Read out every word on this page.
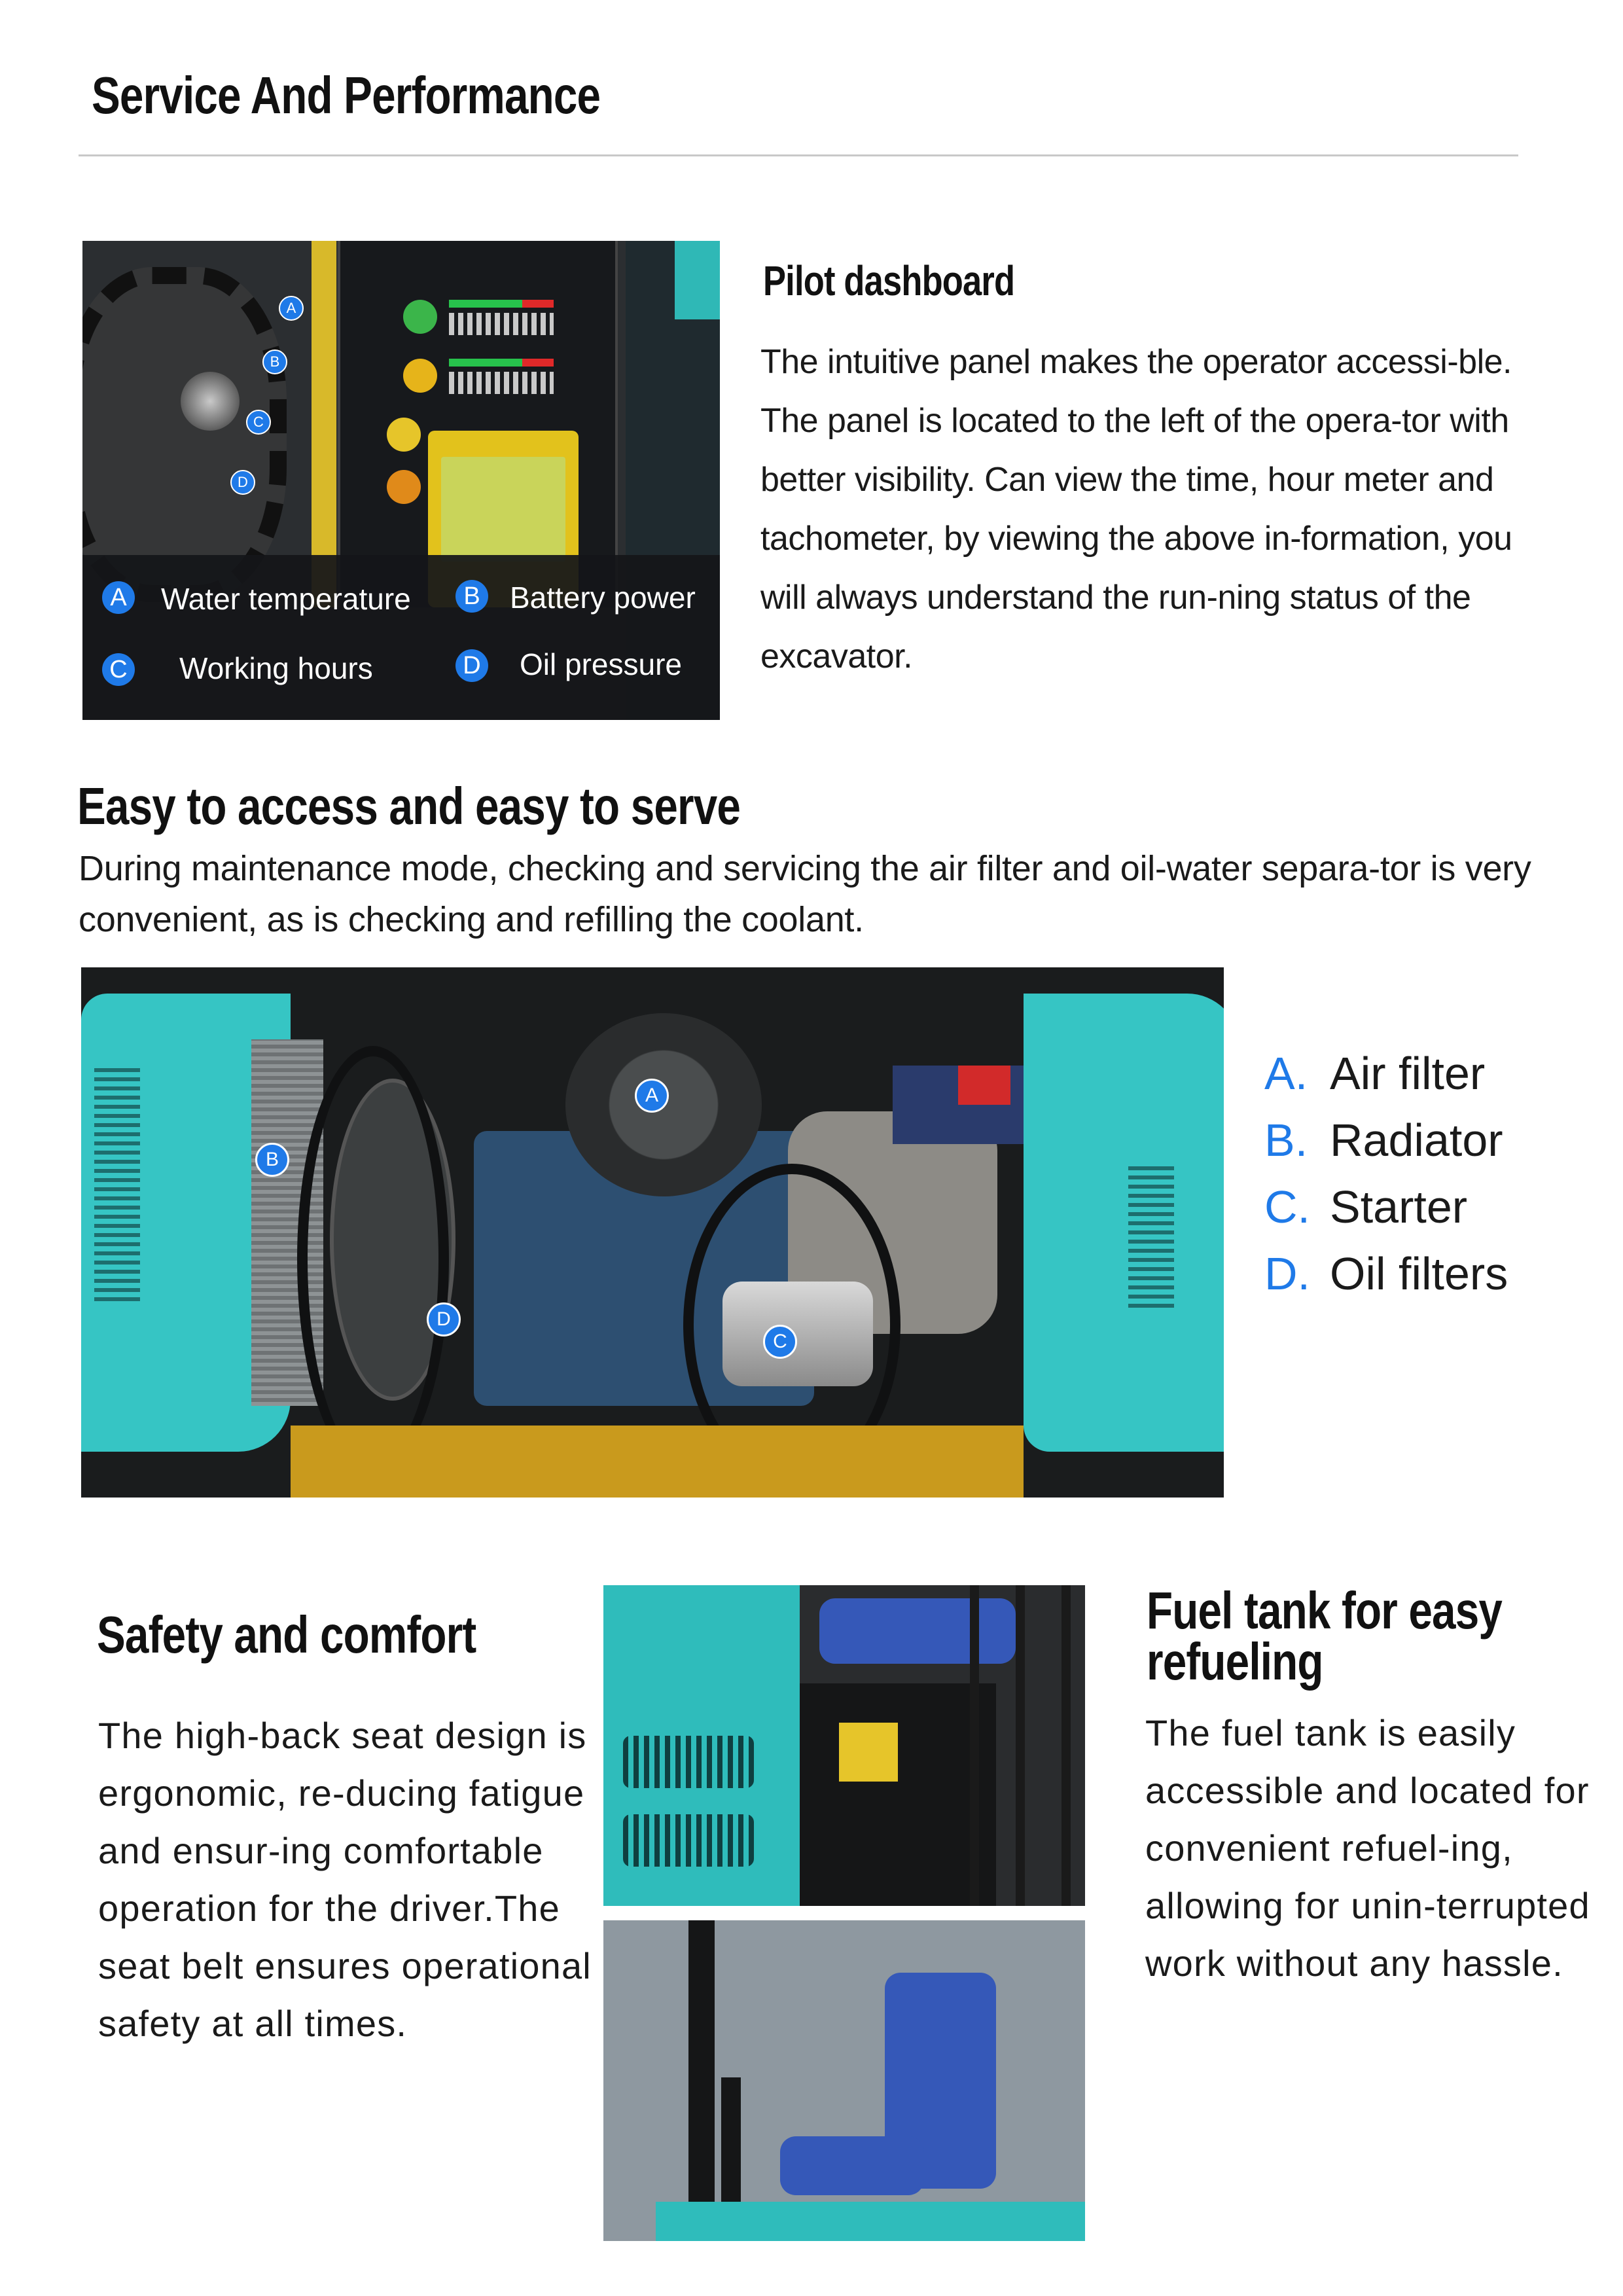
Service And Performance
A
B
C
D
A Water temperature	B Battery power
C Working hours	D Oil pressure
Pilot dashboard
The intuitive panel makes the operator accessi-ble. The panel is located to the left of the opera-tor with better visibility. Can view the time, hour meter and tachometer, by viewing the above in-formation, you will always understand the run-ning status of the excavator.
Easy to access and easy to serve
During maintenance mode, checking and servicing the air filter and oil-water separa-tor is very convenient, as is checking and refilling the coolant.
A
B
C
D
A. Air filter
B. Radiator
C. Starter
D. Oil filters
Safety and comfort
The high-back seat design is ergonomic, re-ducing fatigue and ensur-ing comfortable operation for the driver.The seat belt ensures operational safety at all times.
Fuel tank for easy refueling
The fuel tank is easily accessible and located for convenient refuel-ing, allowing for unin-terrupted work without any hassle.
